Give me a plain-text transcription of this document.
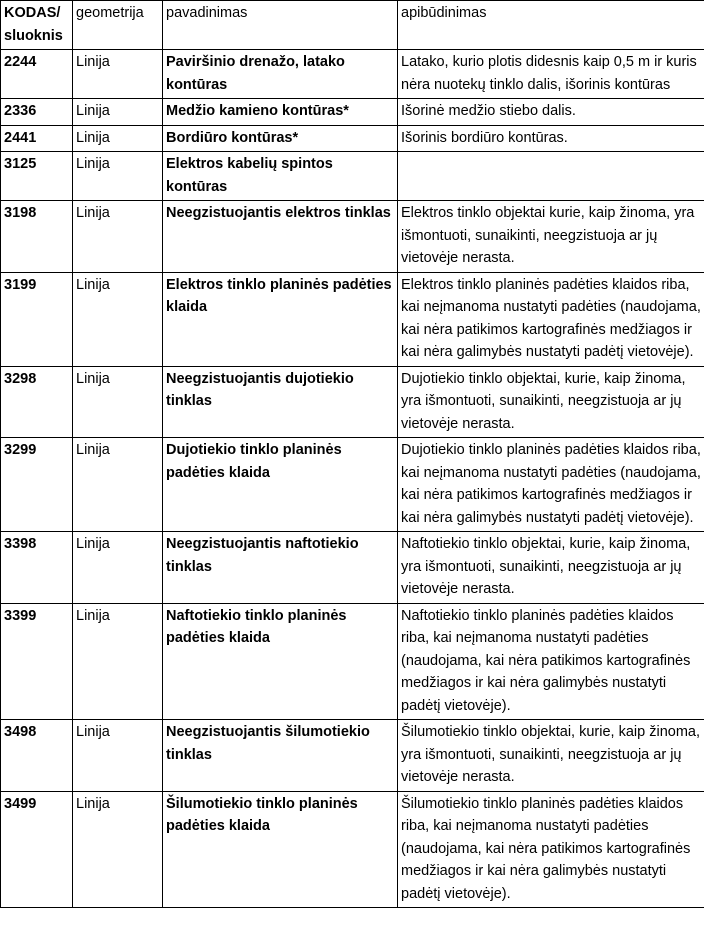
KODAS/ sluoknis	geometrija	pavadinimas	apibūdinimas
2244	Linija	Paviršinio drenažo, latako kontūras	Latako, kurio plotis didesnis kaip 0,5 m ir kuris nėra nuotekų tinklo dalis, išorinis kontūras
2336	Linija	Medžio kamieno kontūras*	Išorinė medžio stiebo dalis.
2441	Linija	Bordiūro kontūras*	Išorinis bordiūro kontūras.
3125	Linija	Elektros kabelių spintos kontūras	
3198	Linija	Neegzistuojantis elektros tinklas	Elektros tinklo objektai kurie, kaip žinoma, yra išmontuoti, sunaikinti, neegzistuoja ar jų vietovėje nerasta.
3199	Linija	Elektros tinklo planinės padėties klaida	Elektros tinklo planinės padėties klaidos riba, kai neįmanoma nustatyti padėties (naudojama, kai nėra patikimos kartografinės medžiagos ir kai nėra galimybės nustatyti padėtį vietovėje).
3298	Linija	Neegzistuojantis dujotiekio tinklas	Dujotiekio tinklo objektai, kurie, kaip žinoma, yra išmontuoti, sunaikinti, neegzistuoja ar jų vietovėje nerasta.
3299	Linija	Dujotiekio tinklo planinės padėties klaida	Dujotiekio tinklo planinės padėties klaidos riba, kai neįmanoma nustatyti padėties (naudojama, kai nėra patikimos kartografinės medžiagos ir kai nėra galimybės nustatyti padėtį vietovėje).
3398	Linija	Neegzistuojantis naftotiekio tinklas	Naftotiekio tinklo objektai, kurie, kaip žinoma, yra išmontuoti, sunaikinti, neegzistuoja ar jų vietovėje nerasta.
3399	Linija	Naftotiekio tinklo planinės padėties klaida	Naftotiekio tinklo planinės padėties klaidos riba, kai neįmanoma nustatyti padėties (naudojama, kai nėra patikimos kartografinės medžiagos ir kai nėra galimybės nustatyti padėtį vietovėje).
3498	Linija	Neegzistuojantis šilumotiekio tinklas	Šilumotiekio tinklo objektai, kurie, kaip žinoma, yra išmontuoti, sunaikinti, neegzistuoja ar jų vietovėje nerasta.
3499	Linija	Šilumotiekio tinklo planinės padėties klaida	Šilumotiekio tinklo planinės padėties klaidos riba, kai neįmanoma nustatyti padėties (naudojama, kai nėra patikimos kartografinės medžiagos ir kai nėra galimybės nustatyti padėtį vietovėje).
